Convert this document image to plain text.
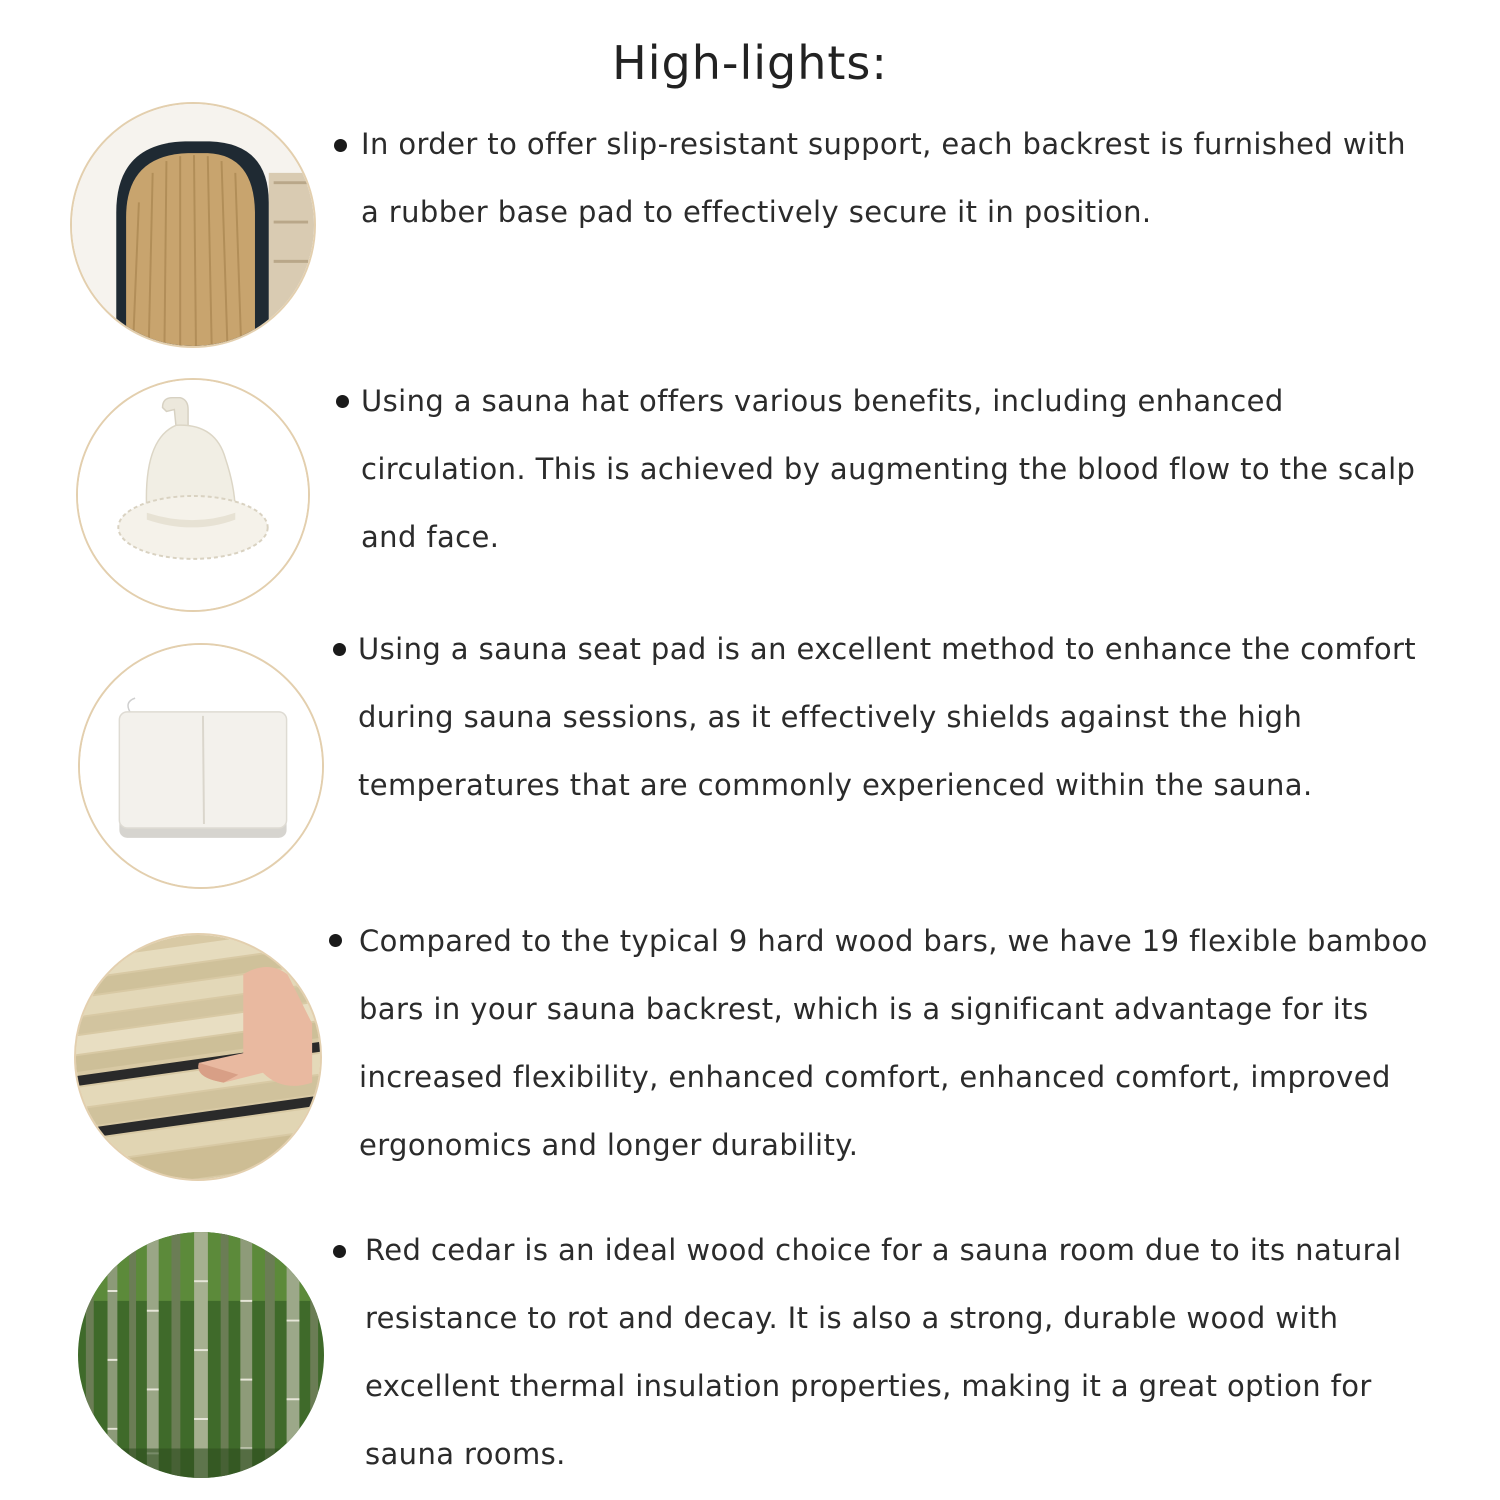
High-lights:
In order to offer slip-resistant support, each backrest is furnished with a rubber base pad to effectively secure it in position.
Using a sauna hat offers various benefits, including enhanced circulation. This is achieved by augmenting the blood flow to the scalp and face.
Using a sauna seat pad is an excellent method to enhance the comfort during sauna sessions, as it effectively shields against the high temperatures that are commonly experienced within the sauna.
Compared to the typical 9 hard wood bars, we have 19 flexible bamboo bars in your sauna backrest, which is a significant advantage for its increased flexibility, enhanced comfort, enhanced comfort, improved ergonomics and longer durability.
Red cedar is an ideal wood choice for a sauna room due to its natural resistance to rot and decay. It is also a strong, durable wood with excellent thermal insulation properties, making it a great option for sauna rooms.
